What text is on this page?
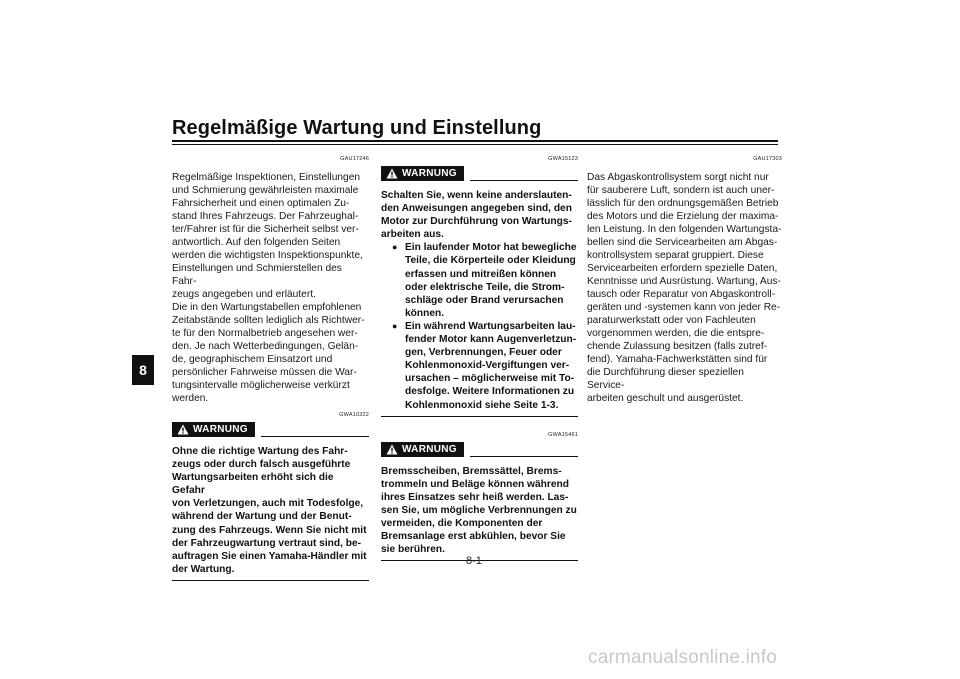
Regelmäßige Wartung und Einstellung
8
GAU17246

Regelmäßige Inspektionen, Einstellungen
und Schmierung gewährleisten maximale
Fahrsicherheit und einen optimalen Zu-
stand Ihres Fahrzeugs. Der Fahrzeughal-
ter/Fahrer ist für die Sicherheit selbst ver-
antwortlich. Auf den folgenden Seiten
werden die wichtigsten Inspektionspunkte,
Einstellungen und Schmierstellen des Fahr-
zeugs angegeben und erläutert.
Die in den Wartungstabellen empfohlenen
Zeitabstände sollten lediglich als Richtwer-
te für den Normalbetrieb angesehen wer-
den. Je nach Wetterbedingungen, Gelän-
de, geographischem Einsatzort und
persönlicher Fahrweise müssen die War-
tungsintervalle möglicherweise verkürzt
werden.

GWA10322
WARNUNG

Ohne die richtige Wartung des Fahr-
zeugs oder durch falsch ausgeführte
Wartungsarbeiten erhöht sich die Gefahr
von Verletzungen, auch mit Todesfolge,
während der Wartung und der Benut-
zung des Fahrzeugs. Wenn Sie nicht mit
der Fahrzeugwartung vertraut sind, be-
auftragen Sie einen Yamaha-Händler mit
der Wartung.

GWA15123
WARNUNG

Schalten Sie, wenn keine anderslauten-
den Anweisungen angegeben sind, den
Motor zur Durchführung von Wartungs-
arbeiten aus.

● Ein laufender Motor hat bewegliche
Teile, die Körperteile oder Kleidung
erfassen und mitreißen können
oder elektrische Teile, die Strom-
schläge oder Brand verursachen
können.
● Ein während Wartungsarbeiten lau-
fender Motor kann Augenverletzun-
gen, Verbrennungen, Feuer oder
Kohlenmonoxid-Vergiftungen ver-
ursachen – möglicherweise mit To-
desfolge. Weitere Informationen zu
Kohlenmonoxid siehe Seite 1-3.
GWA15461
WARNUNG

Bremsscheiben, Bremssättel, Brems-
trommeln und Beläge können während
ihres Einsatzes sehr heiß werden. Las-
sen Sie, um mögliche Verbrennungen zu
vermeiden, die Komponenten der
Bremsanlage erst abkühlen, bevor Sie
sie berühren.

GAU17303

Das Abgaskontrollsystem sorgt nicht nur
für sauberere Luft, sondern ist auch uner-
lässlich für den ordnungsgemäßen Betrieb
des Motors und die Erzielung der maxima-
len Leistung. In den folgenden Wartungsta-
bellen sind die Servicearbeiten am Abgas-
kontrollsystem separat gruppiert. Diese
Servicearbeiten erfordern spezielle Daten,
Kenntnisse und Ausrüstung. Wartung, Aus-
tausch oder Reparatur von Abgaskontroll-
geräten und -systemen kann von jeder Re-
paraturwerkstatt oder von Fachleuten
vorgenommen werden, die die entspre-
chende Zulassung besitzen (falls zutref-
fend). Yamaha-Fachwerkstätten sind für
die Durchführung dieser speziellen Service-
arbeiten geschult und ausgerüstet.

8-1
carmanualsonline.info
